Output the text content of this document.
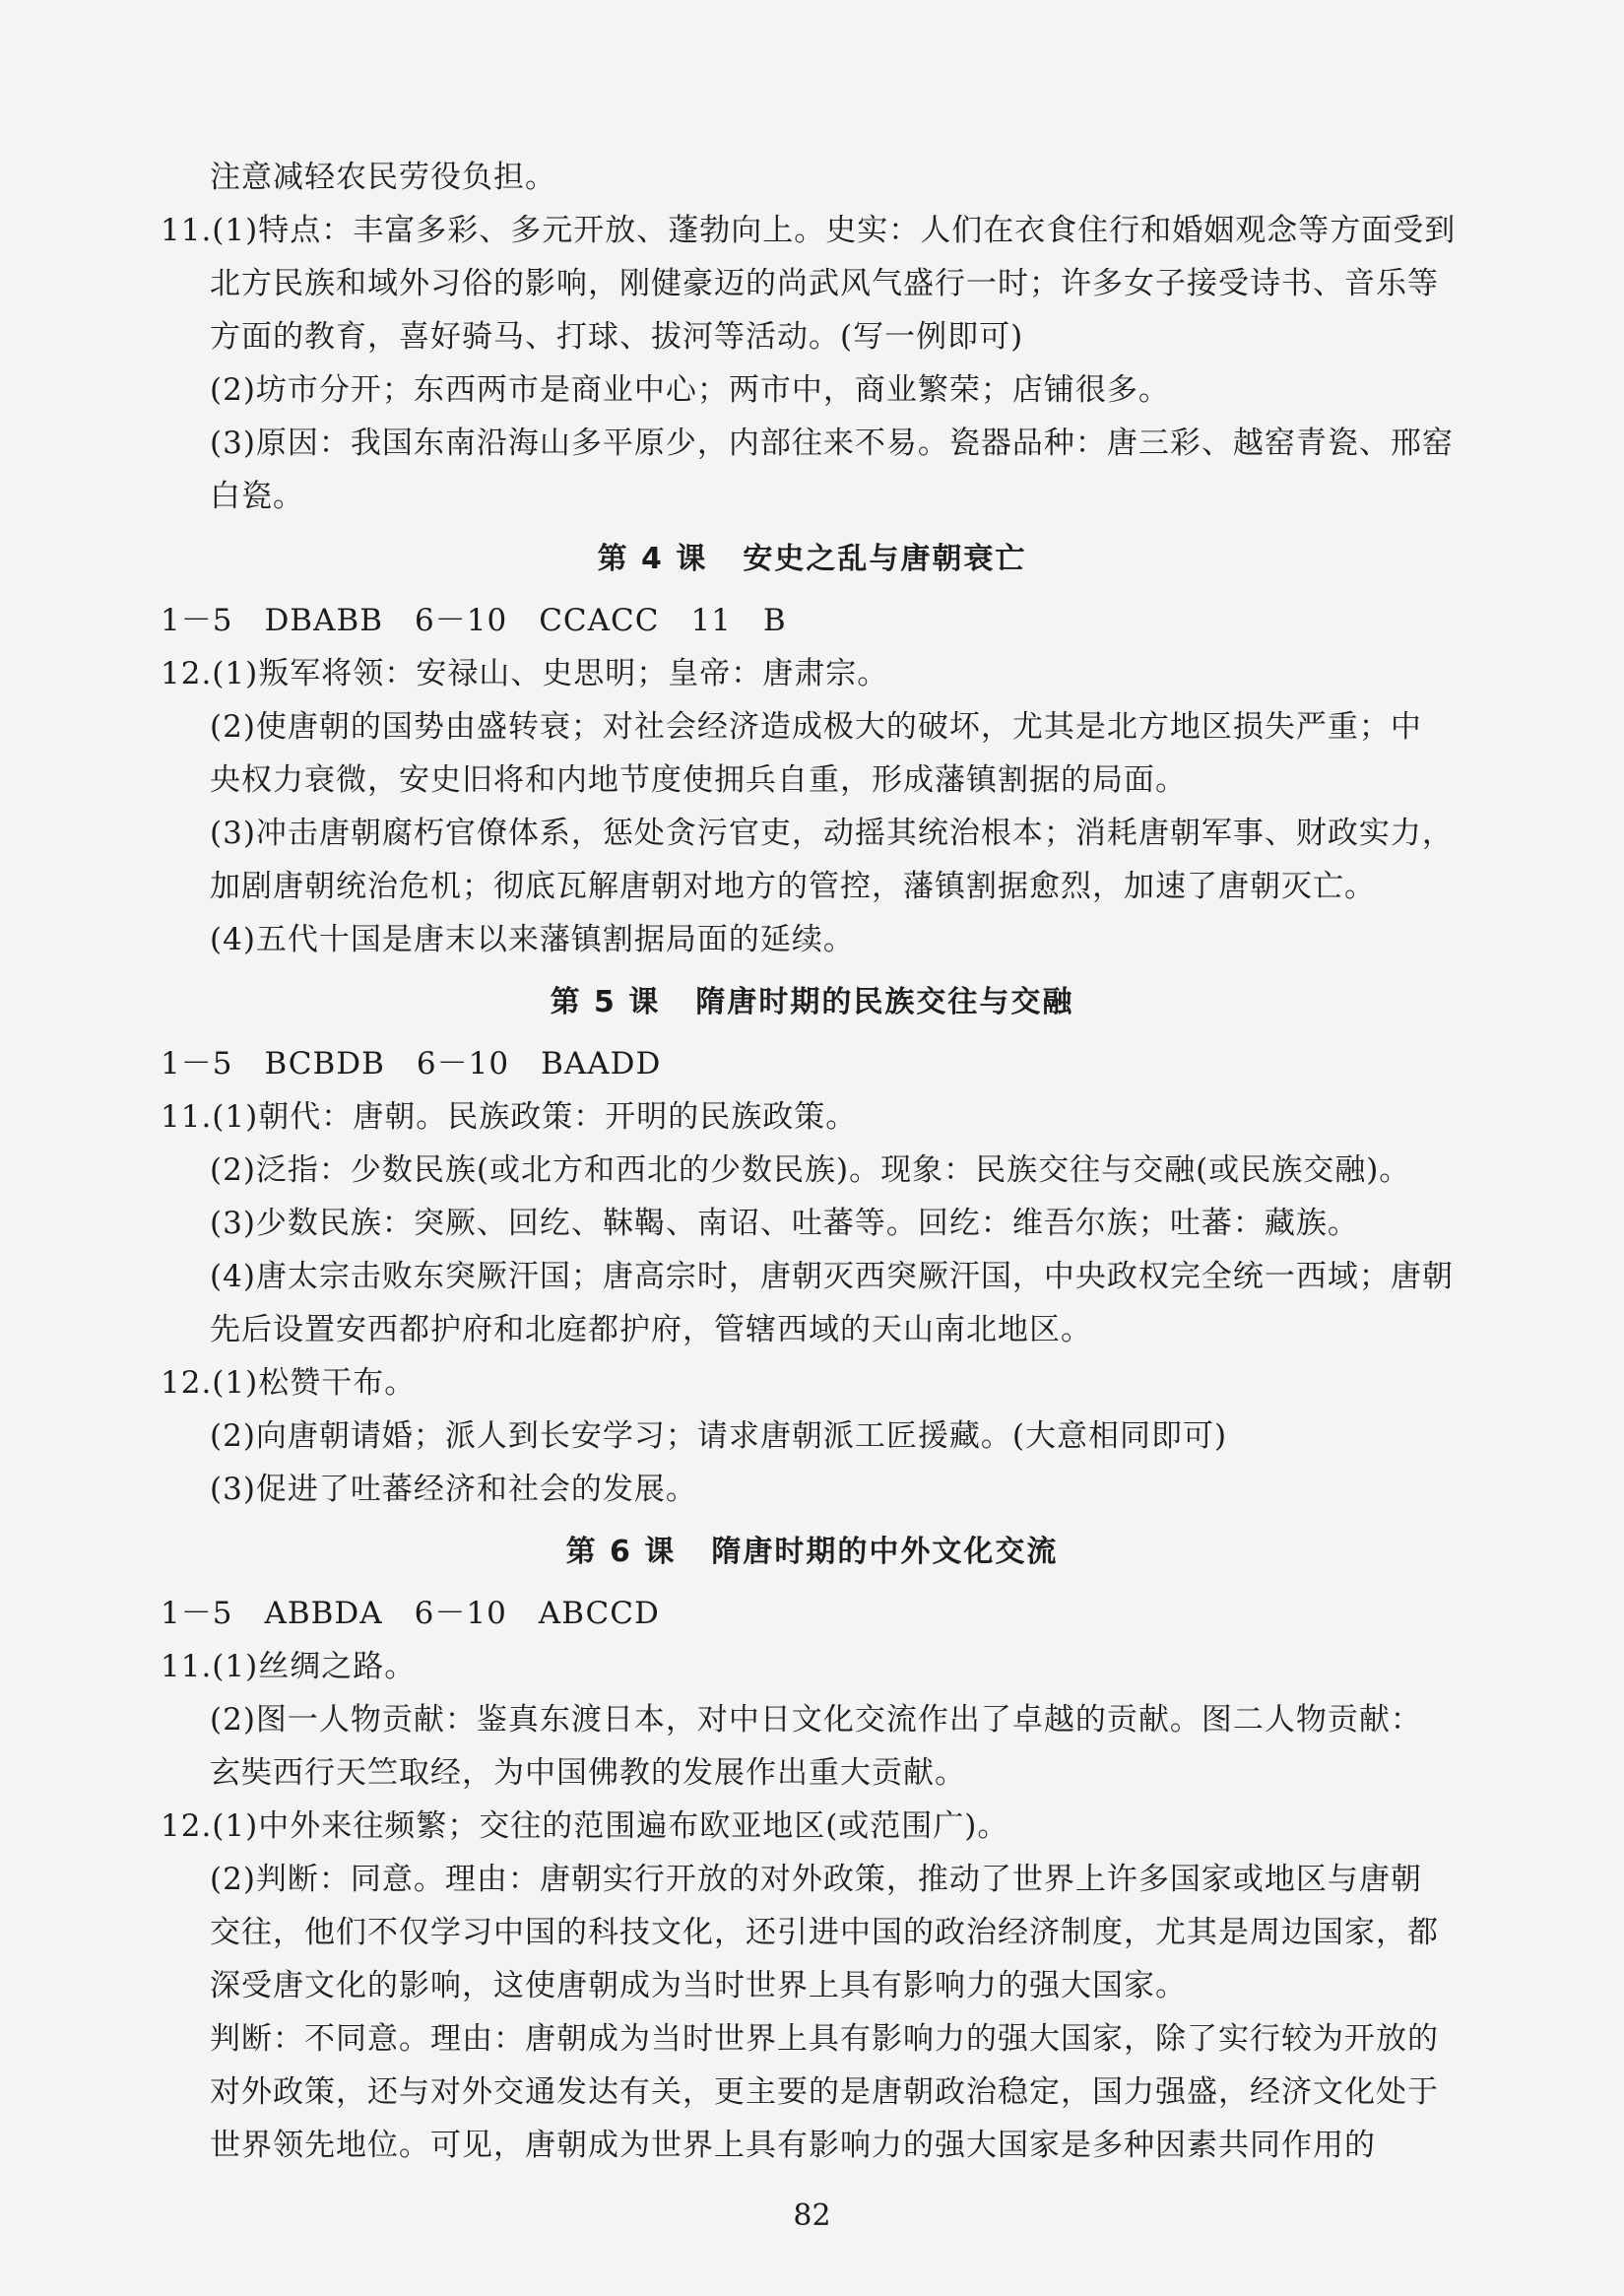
注意减轻农民劳役负担。
11.(1)特点：丰富多彩、多元开放、蓬勃向上。史实：人们在衣食住行和婚姻观念等方面受到
北方民族和域外习俗的影响，刚健豪迈的尚武风气盛行一时；许多女子接受诗书、音乐等
方面的教育，喜好骑马、打球、拔河等活动。(写一例即可)
(2)坊市分开；东西两市是商业中心；两市中，商业繁荣；店铺很多。
(3)原因：我国东南沿海山多平原少，内部往来不易。瓷器品种：唐三彩、越窑青瓷、邢窑
白瓷。
第 4 课 安史之乱与唐朝衰亡
1－5　DBABB　6－10　CCACC　11　B
12.(1)叛军将领：安禄山、史思明；皇帝：唐肃宗。
(2)使唐朝的国势由盛转衰；对社会经济造成极大的破坏，尤其是北方地区损失严重；中
央权力衰微，安史旧将和内地节度使拥兵自重，形成藩镇割据的局面。
(3)冲击唐朝腐朽官僚体系，惩处贪污官吏，动摇其统治根本；消耗唐朝军事、财政实力，
加剧唐朝统治危机；彻底瓦解唐朝对地方的管控，藩镇割据愈烈，加速了唐朝灭亡。
(4)五代十国是唐末以来藩镇割据局面的延续。
第 5 课 隋唐时期的民族交往与交融
1－5　BCBDB　6－10　BAADD
11.(1)朝代：唐朝。民族政策：开明的民族政策。
(2)泛指：少数民族(或北方和西北的少数民族)。现象：民族交往与交融(或民族交融)。
(3)少数民族：突厥、回纥、靺鞨、南诏、吐蕃等。回纥：维吾尔族；吐蕃：藏族。
(4)唐太宗击败东突厥汗国；唐高宗时，唐朝灭西突厥汗国，中央政权完全统一西域；唐朝
先后设置安西都护府和北庭都护府，管辖西域的天山南北地区。
12.(1)松赞干布。
(2)向唐朝请婚；派人到长安学习；请求唐朝派工匠援藏。(大意相同即可)
(3)促进了吐蕃经济和社会的发展。
第 6 课 隋唐时期的中外文化交流
1－5　ABBDA　6－10　ABCCD
11.(1)丝绸之路。
(2)图一人物贡献：鉴真东渡日本，对中日文化交流作出了卓越的贡献。图二人物贡献：
玄奘西行天竺取经，为中国佛教的发展作出重大贡献。
12.(1)中外来往频繁；交往的范围遍布欧亚地区(或范围广)。
(2)判断：同意。理由：唐朝实行开放的对外政策，推动了世界上许多国家或地区与唐朝
交往，他们不仅学习中国的科技文化，还引进中国的政治经济制度，尤其是周边国家，都
深受唐文化的影响，这使唐朝成为当时世界上具有影响力的强大国家。
判断：不同意。理由：唐朝成为当时世界上具有影响力的强大国家，除了实行较为开放的
对外政策，还与对外交通发达有关，更主要的是唐朝政治稳定，国力强盛，经济文化处于
世界领先地位。可见，唐朝成为世界上具有影响力的强大国家是多种因素共同作用的
82
